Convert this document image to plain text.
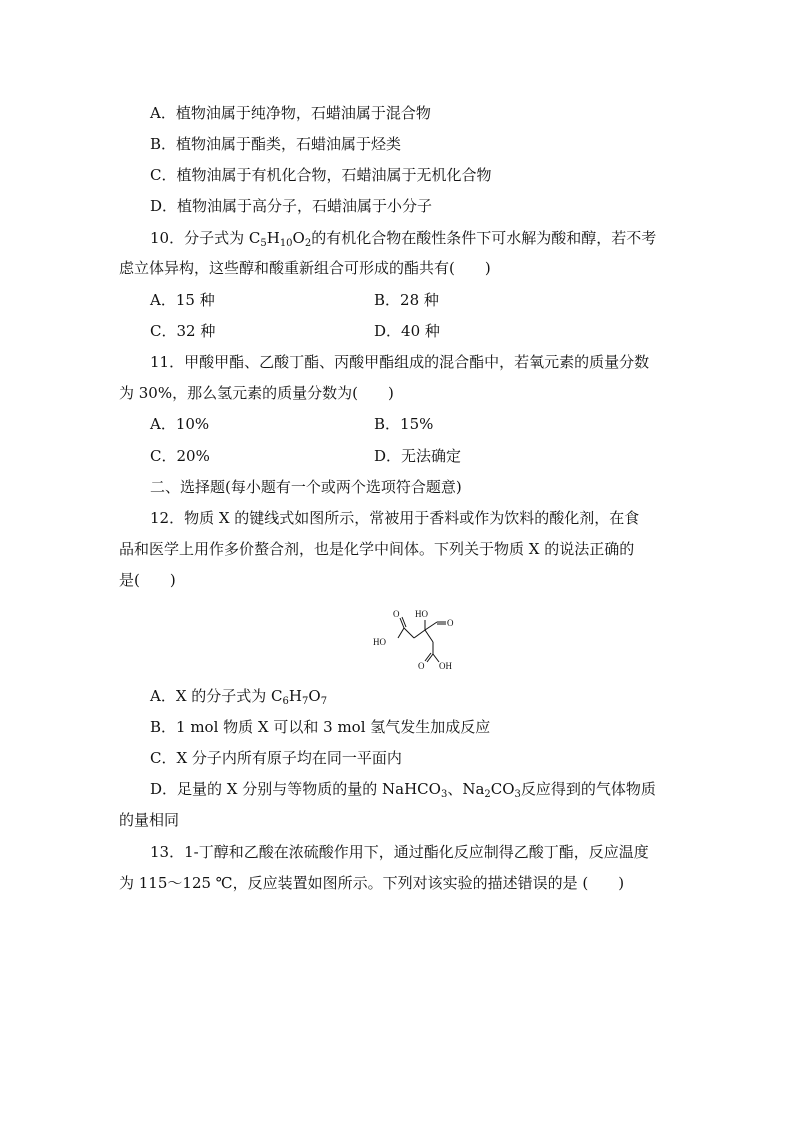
A．植物油属于纯净物，石蜡油属于混合物
B．植物油属于酯类，石蜡油属于烃类
C．植物油属于有机化合物，石蜡油属于无机化合物
D．植物油属于高分子，石蜡油属于小分子
10．分子式为 $C_5H_{10}O_2$的有机化合物在酸性条件下可水解为酸和醇，若不考
虑立体异构，这些醇和酸重新组合可形成的酯共有(　　)
A．15 种	B．28 种
C．32 种	D．40 种
11．甲酸甲酯、乙酸丁酯、丙酸甲酯组成的混合酯中，若氧元素的质量分数
为 30%，那么氢元素的质量分数为(　　)
A．10%	B．15%
C．20%	D．无法确定
二、选择题(每小题有一个或两个选项符合题意)
12．物质 X 的键线式如图所示，常被用于香料或作为饮料的酸化剂，在食
品和医学上用作多价螯合剂，也是化学中间体。下列关于物质 X 的说法正确的
是(　　)
O HO
O
HO
O OH
A．X 的分子式为 $C_6H_7O_7$
B．1 mol 物质 X 可以和 3 mol 氢气发生加成反应
C．X 分子内所有原子均在同一平面内
D．足量的 X 分别与等物质的量的 NaHCO$_3$、$Na_2CO_3$反应得到的气体物质
的量相同
13．1-丁醇和乙酸在浓硫酸作用下，通过酯化反应制得乙酸丁酯，反应温度
为 115～125 ℃，反应装置如图所示。下列对该实验的描述错误的是 (　　)
